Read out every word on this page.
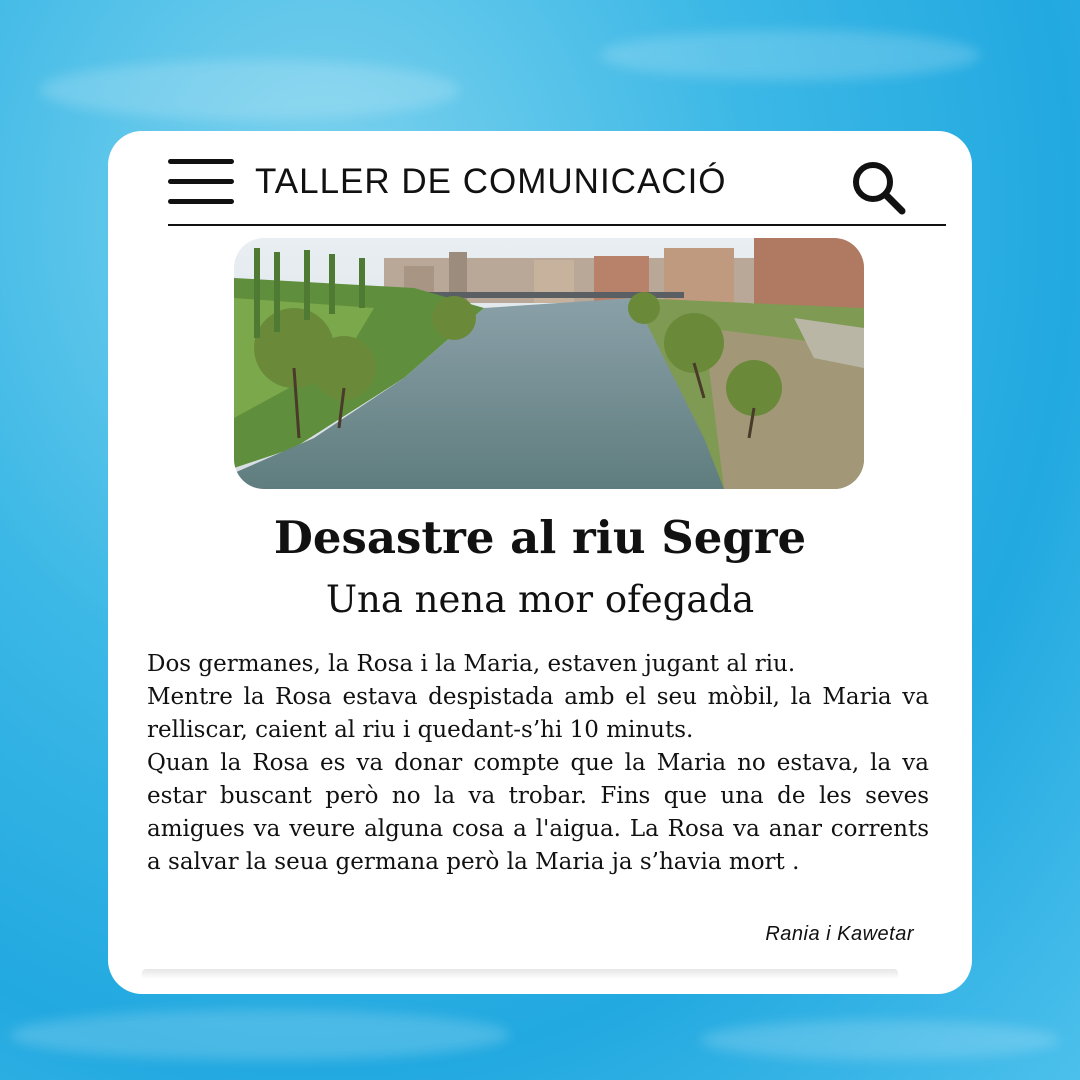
TALLER DE COMUNICACIÓ
Desastre al riu Segre
Una nena mor ofegada

Dos germanes, la Rosa i la Maria, estaven jugant al riu.

Mentre la Rosa estava despistada amb el seu mòbil, la Maria va relliscar, caient al riu i quedant-s’hi 10 minuts.

Quan la Rosa es va donar compte que la Maria no estava, la va estar buscant però no la va trobar. Fins que una de les seves amigues va veure alguna cosa a l'aigua. La Rosa va anar corrents a salvar la seua germana però la Maria ja s’havia mort .

Rania i Kawetar
